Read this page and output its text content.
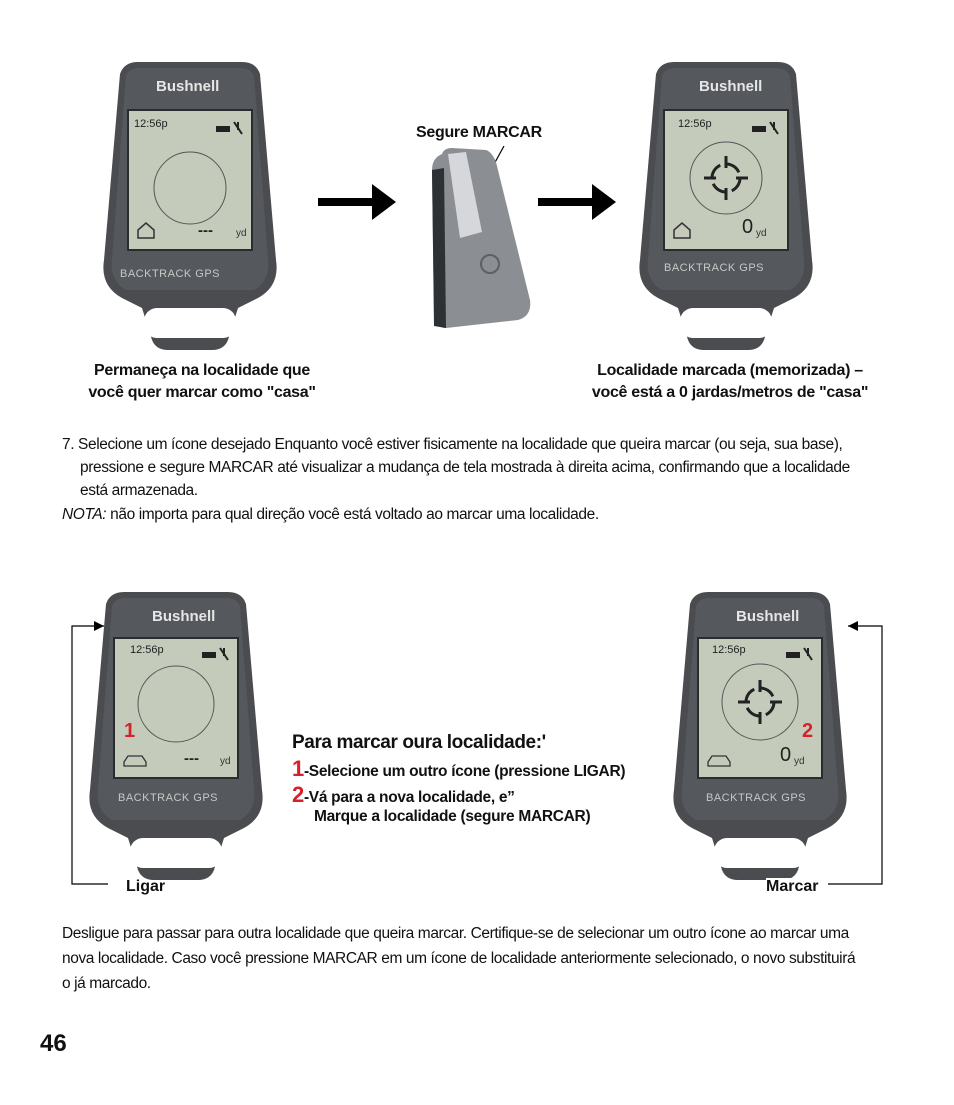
Bushnell
12:56p
--- yd
BACKTRACK GPS
Segure MARCAR
Bushnell
12:56p
0 yd
BACKTRACK GPS
Permaneça na localidade que
você quer marcar como "casa"
Localidade marcada (memorizada) –
você está a 0 jardas/metros de "casa"
7. Selecione um ícone desejado Enquanto você estiver fisicamente na localidade que queira marcar (ou seja, sua base),
pressione e segure MARCAR até visualizar a mudança de tela mostrada à direita acima, confirmando que a localidade
está armazenada.
NOTA: não importa para qual direção você está voltado ao marcar uma localidade.
Bushnell
12:56p
1
--- yd
BACKTRACK GPS
Ligar
Para marcar oura localidade:'
1-Selecione um outro ícone (pressione LIGAR)
2-Vá para a nova localidade, e”
Marque a localidade (segure MARCAR)
Bushnell
12:56p
2
0 yd
BACKTRACK GPS
Marcar
Desligue para passar para outra localidade que queira marcar. Certifique-se de selecionar um outro ícone ao marcar uma
nova localidade. Caso você pressione MARCAR em um ícone de localidade anteriormente selecionado, o novo substituirá
o já marcado.
46
